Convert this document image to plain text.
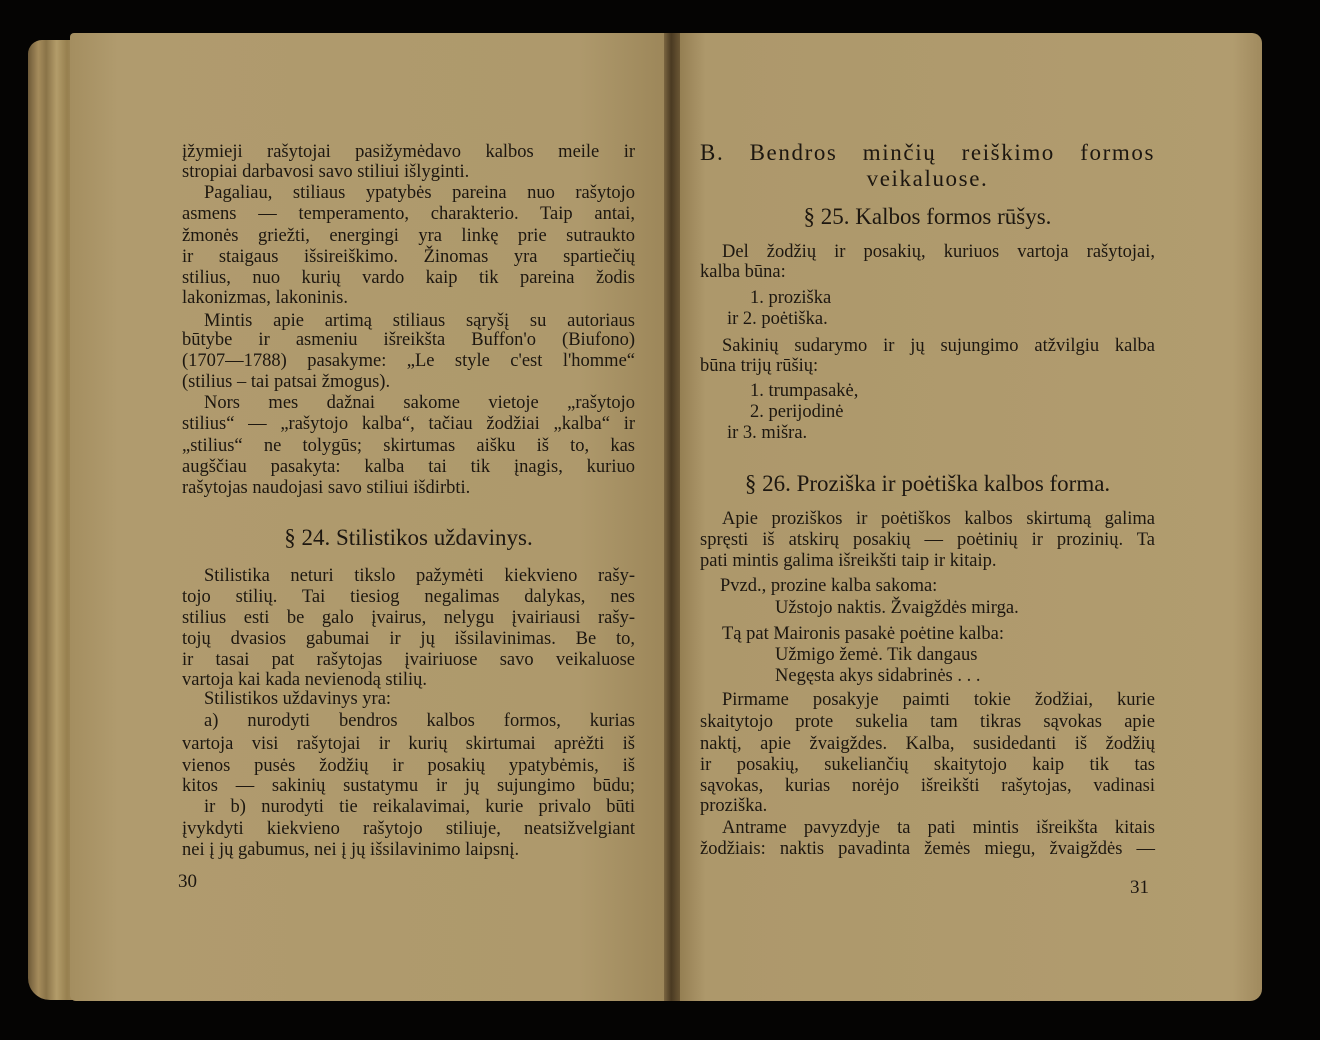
įžymieji rašytojai pasižymėdavo kalbos meile ir
stropiai darbavosi savo stiliui išlyginti.
Pagaliau, stiliaus ypatybės pareina nuo rašytojo
asmens — temperamento, charakterio. Taip antai,
žmonės griežti, energingi yra linkę prie sutraukto
ir staigaus išsireiškimo. Žinomas yra spartiečių
stilius, nuo kurių vardo kaip tik pareina žodis
lakonizmas, lakoninis.
Mintis apie artimą stiliaus sąryšį su autoriaus
būtybe ir asmeniu išreikšta Buffon'o (Biufono)
(1707—1788) pasakyme: „Le style c'est l'homme“
(stilius – tai patsai žmogus).
Nors mes dažnai sakome vietoje „rašytojo
stilius“ — „rašytojo kalba“, tačiau žodžiai „kalba“ ir
„stilius“ ne tolygūs; skirtumas aišku iš to, kas
augščiau pasakyta: kalba tai tik įnagis, kuriuo
rašytojas naudojasi savo stiliui išdirbti.
§ 24. Stilistikos uždavinys.
Stilistika neturi tikslo pažymėti kiekvieno rašy-
tojo stilių. Tai tiesiog negalimas dalykas, nes
stilius esti be galo įvairus, nelygu įvairiausi rašy-
tojų dvasios gabumai ir jų išsilavinimas. Be to,
ir tasai pat rašytojas įvairiuose savo veikaluose
vartoja kai kada nevienodą stilių.
Stilistikos uždavinys yra:
a) nurodyti bendros kalbos formos, kurias
vartoja visi rašytojai ir kurių skirtumai aprėžti iš
vienos pusės žodžių ir posakių ypatybėmis, iš
kitos — sakinių sustatymu ir jų sujungimo būdu;
ir b) nurodyti tie reikalavimai, kurie privalo būti
įvykdyti kiekvieno rašytojo stiliuje, neatsižvelgiant
nei į jų gabumus, nei į jų išsilavinimo laipsnį.
B. Bendros minčių reiškimo formos
veikaluose.
§ 25. Kalbos formos rūšys.
Del žodžių ir posakių, kuriuos vartoja rašytojai,
kalba būna:
1. proziška
ir 2. poėtiška.
Sakinių sudarymo ir jų sujungimo atžvilgiu kalba
būna trijų rūšių:
1. trumpasakė,
2. perijodinė
ir 3. mišra.
§ 26. Proziška ir poėtiška kalbos forma.
Apie proziškos ir poėtiškos kalbos skirtumą galima
spręsti iš atskirų posakių — poėtinių ir prozinių. Ta
pati mintis galima išreikšti taip ir kitaip.
Pvzd., prozine kalba sakoma:
Užstojo naktis. Žvaigždės mirga.
Tą pat Maironis pasakė poėtine kalba:
Užmigo žemė. Tik dangaus
Negęsta akys sidabrinės . . .
Pirmame posakyje paimti tokie žodžiai, kurie
skaitytojo prote sukelia tam tikras sąvokas apie
naktį, apie žvaigždes. Kalba, susidedanti iš žodžių
ir posakių, sukeliančių skaitytojo kaip tik tas
sąvokas, kurias norėjo išreikšti rašytojas, vadinasi
proziška.
Antrame pavyzdyje ta pati mintis išreikšta kitais
žodžiais: naktis pavadinta žemės miegu, žvaigždės —
30	31
